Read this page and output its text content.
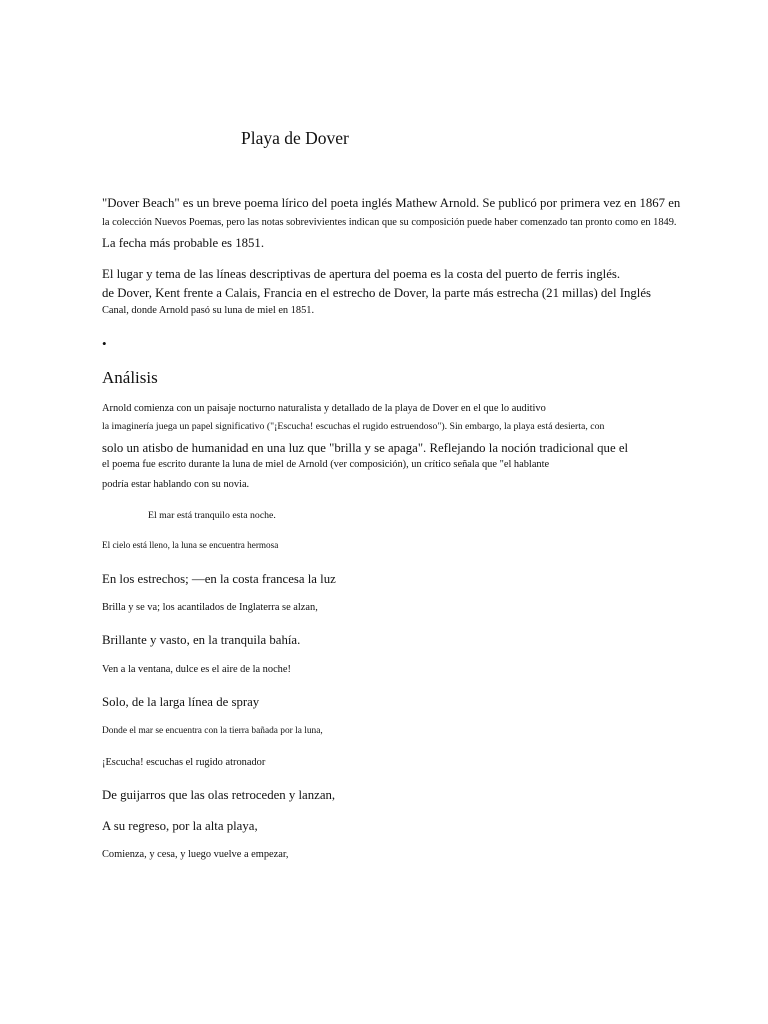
Playa de Dover

"Dover Beach" es un breve poema lírico del poeta inglés Mathew Arnold. Se publicó por primera vez en 1867 en

la colección Nuevos Poemas, pero las notas sobrevivientes indican que su composición puede haber comenzado tan pronto como en 1849.

La fecha más probable es 1851.

El lugar y tema de las líneas descriptivas de apertura del poema es la costa del puerto de ferris inglés.

de Dover, Kent frente a Calais, Francia en el estrecho de Dover, la parte más estrecha (21 millas) del Inglés

Canal, donde Arnold pasó su luna de miel en 1851.

•
Análisis

Arnold comienza con un paisaje nocturno naturalista y detallado de la playa de Dover en el que lo auditivo

la imaginería juega un papel significativo ("¡Escucha! escuchas el rugido estruendoso"). Sin embargo, la playa está desierta, con

solo un atisbo de humanidad en una luz que "brilla y se apaga". Reflejando la noción tradicional que el

el poema fue escrito durante la luna de miel de Arnold (ver composición), un crítico señala que "el hablante

podría estar hablando con su novia.

El mar está tranquilo esta noche.

El cielo está lleno, la luna se encuentra hermosa

En los estrechos; —en la costa francesa la luz

Brilla y se va; los acantilados de Inglaterra se alzan,

Brillante y vasto, en la tranquila bahía.

Ven a la ventana, dulce es el aire de la noche!

Solo, de la larga línea de spray

Donde el mar se encuentra con la tierra bañada por la luna,

¡Escucha! escuchas el rugido atronador

De guijarros que las olas retroceden y lanzan,

A su regreso, por la alta playa,

Comienza, y cesa, y luego vuelve a empezar,
